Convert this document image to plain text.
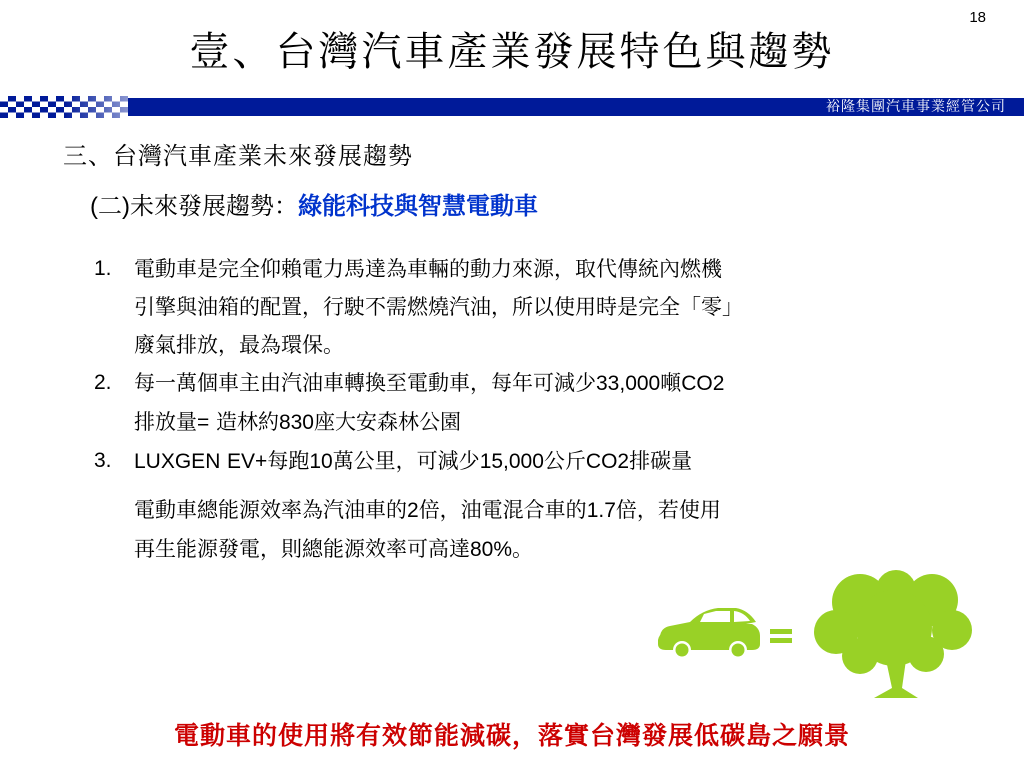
18
壹、台灣汽車產業發展特色與趨勢
裕隆集團汽車事業經管公司
三、台灣汽車產業未來發展趨勢
(二)未來發展趨勢：綠能科技與智慧電動車
1.	電動車是完全仰賴電力馬達為車輛的動力來源，取代傳統內燃機
引擎與油箱的配置，行駛不需燃燒汽油，所以使用時是完全「零」
廢氣排放，最為環保。
2.	每一萬個車主由汽油車轉換至電動車，每年可減少33,000噸CO2
排放量= 造林約830座大安森林公園
3.	LUXGEN EV+每跑10萬公里，可減少15,000公斤CO2排碳量
電動車總能源效率為汽油車的2倍，油電混合車的1.7倍，若使用
再生能源發電，則總能源效率可高達80%。
電動車的使用將有效節能減碳，落實台灣發展低碳島之願景
